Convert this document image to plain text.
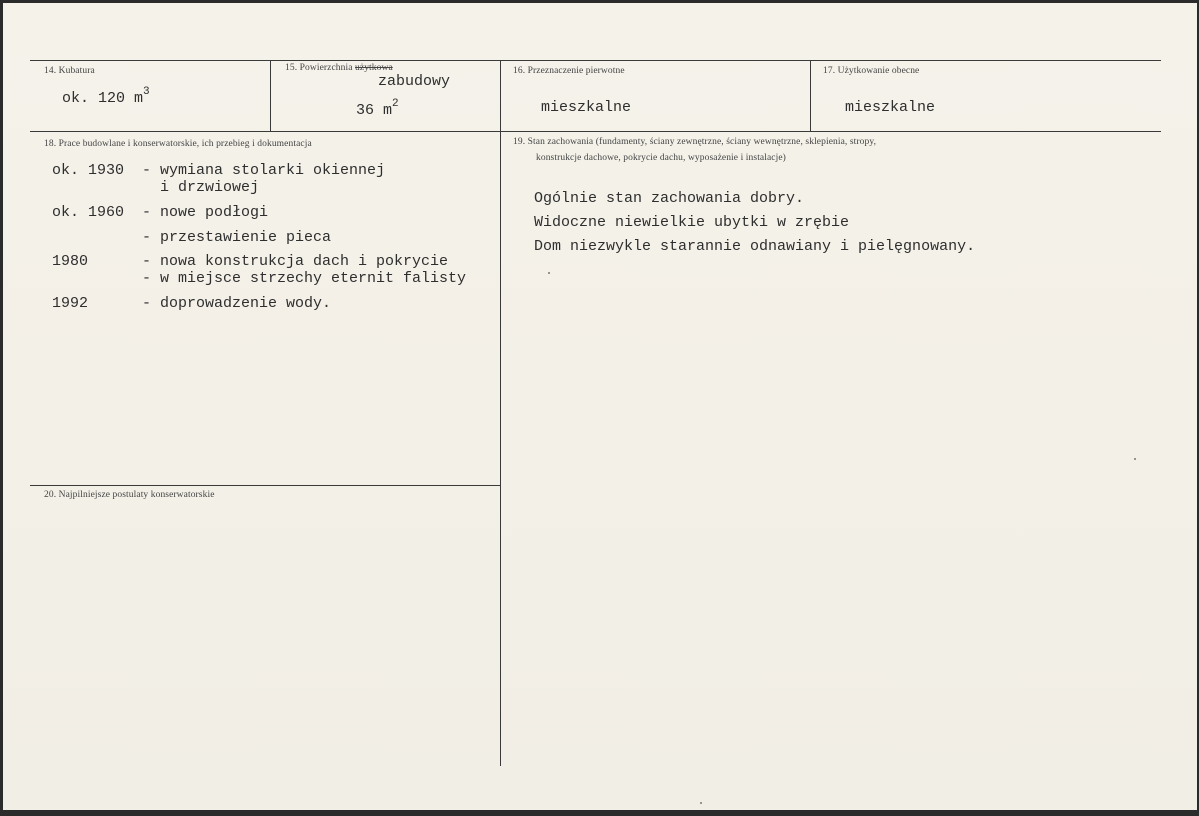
14. Kubatura
ok. 120 $m^3$
15. Powierzchnia użytkowa
zabudowy
36 $m^2$
16. Przeznaczenie pierwotne
mieszkalne
17. Użytkowanie obecne
mieszkalne
18. Prace budowlane i konserwatorskie, ich przebieg i dokumentacja
ok. 1930 - wymiana stolarki okiennej
i drzwiowej
ok. 1960 - nowe podłogi
- przestawienie pieca
1980	- nowa konstrukcja dach i pokrycie
- w miejsce strzechy eternit falisty
1992	- doprowadzenie wody.
19. Stan zachowania (fundamenty, ściany zewnętrzne, ściany wewnętrzne, sklepienia, stropy,
konstrukcje dachowe, pokrycie dachu, wyposażenie i instalacje)
Ogólnie stan zachowania dobry.
Widoczne niewielkie ubytki w zrębie
Dom niezwykle starannie odnawiany i pielęgnowany.
20. Najpilniejsze postulaty konserwatorskie
